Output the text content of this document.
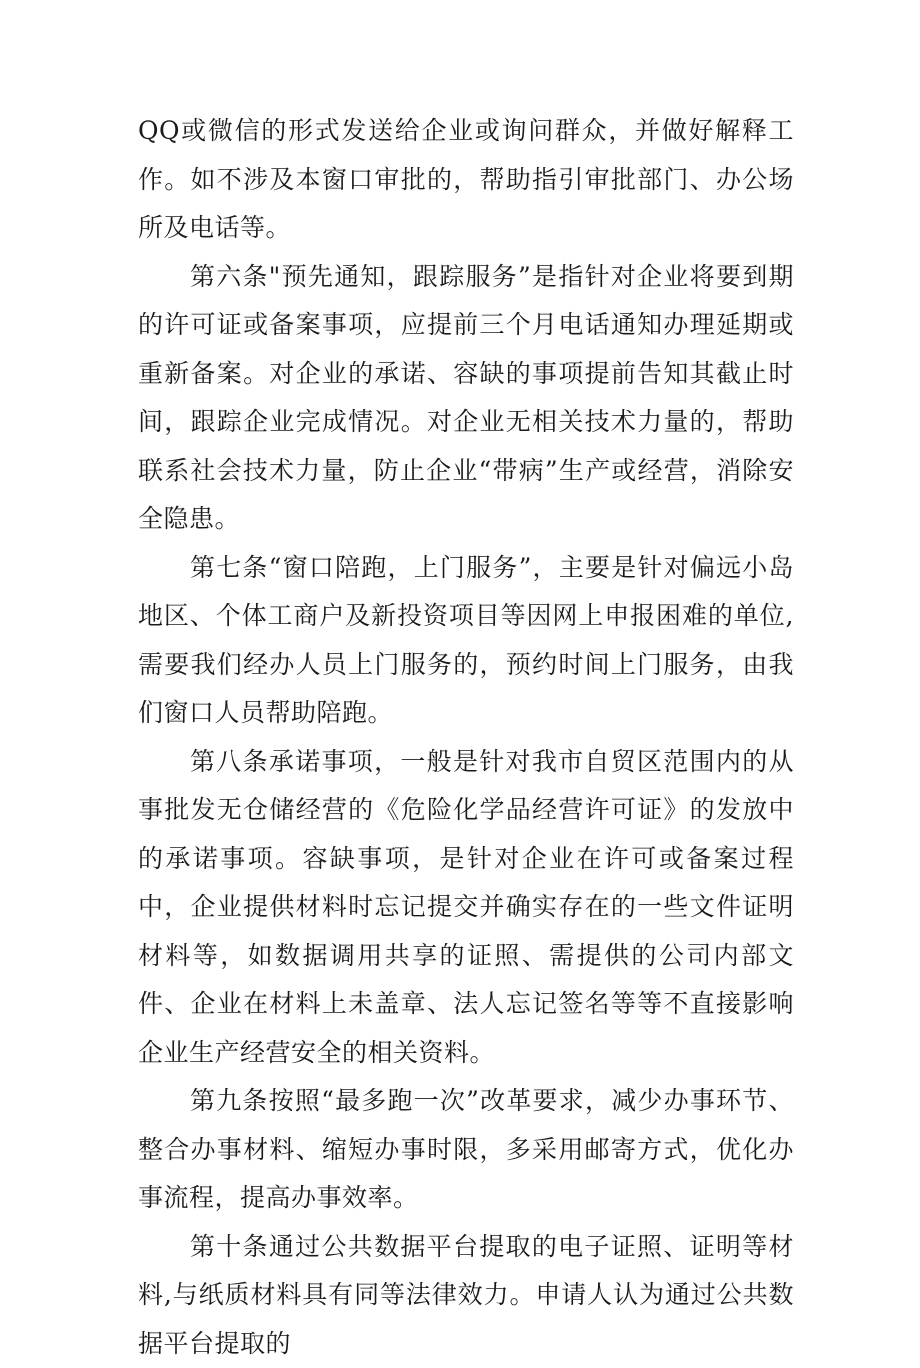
QQ或微信的形式发送给企业或询问群众，并做好解释工作。如不涉及本窗口审批的，帮助指引审批部门、办公场所及电话等。

第六条"预先通知，跟踪服务”是指针对企业将要到期的许可证或备案事项，应提前三个月电话通知办理延期或重新备案。对企业的承诺、容缺的事项提前告知其截止时间，跟踪企业完成情况。对企业无相关技术力量的，帮助联系社会技术力量，防止企业“带病”生产或经营，消除安全隐患。

第七条“窗口陪跑，上门服务”，主要是针对偏远小岛地区、个体工商户及新投资项目等因网上申报困难的单位,需要我们经办人员上门服务的，预约时间上门服务，由我们窗口人员帮助陪跑。

第八条承诺事项，一般是针对我市自贸区范围内的从事批发无仓储经营的《危险化学品经营许可证》的发放中的承诺事项。容缺事项，是针对企业在许可或备案过程中，企业提供材料时忘记提交并确实存在的一些文件证明材料等，如数据调用共享的证照、需提供的公司内部文件、企业在材料上未盖章、法人忘记签名等等不直接影响企业生产经营安全的相关资料。

第九条按照“最多跑一次”改革要求，减少办事环节、整合办事材料、缩短办事时限，多采用邮寄方式，优化办事流程，提高办事效率。

第十条通过公共数据平台提取的电子证照、证明等材料,与纸质材料具有同等法律效力。申请人认为通过公共数据平台提取的
